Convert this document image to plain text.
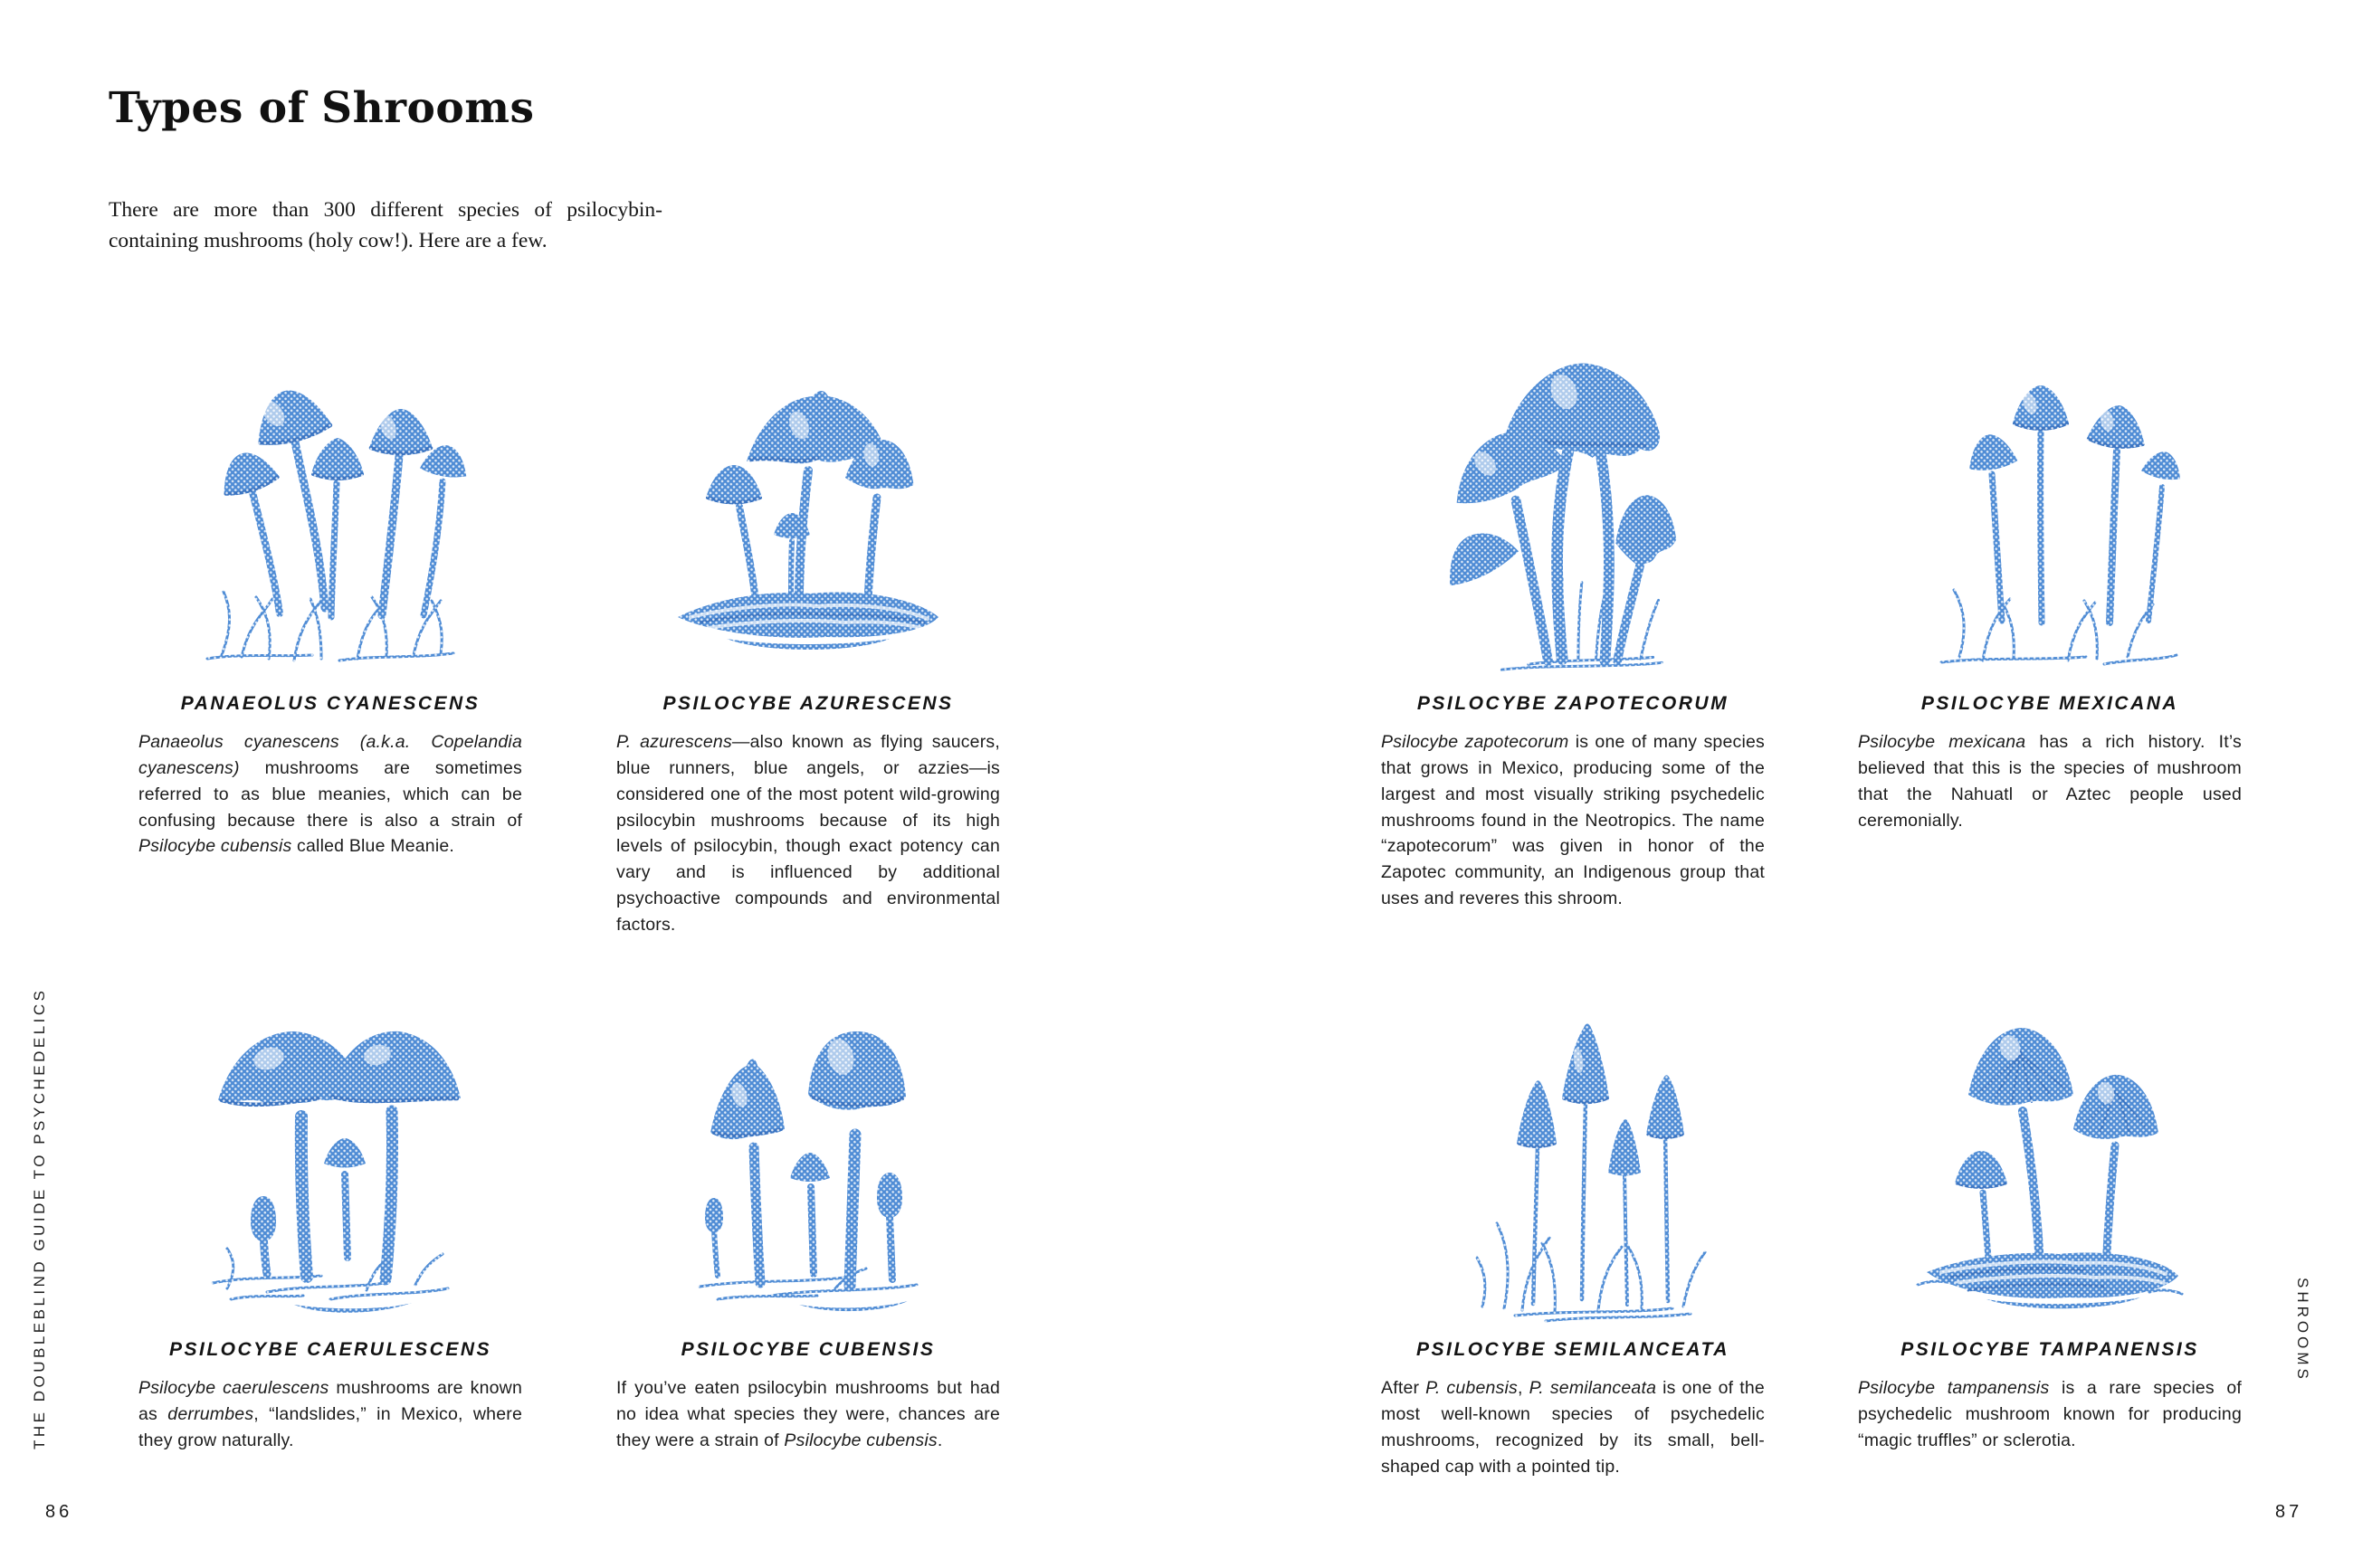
Types of Shrooms
There are more than 300 different species of psilocybin-containing mushrooms (holy cow!). Here are a few.
THE DOUBLEBLIND GUIDE TO PSYCHEDELICS	SHROOMS
86	87
PANAEOLUS CYANESCENS
Panaeolus cyanescens (a.k.a. Copelandia cyanescens) mushrooms are sometimes referred to as blue meanies, which can be confusing because there is also a strain of Psilocybe cubensis called Blue Meanie.
PSILOCYBE AZURESCENS
P. azurescens—also known as flying saucers, blue runners, blue angels, or azzies—is considered one of the most potent wild-growing psilocybin mushrooms because of its high levels of psilocybin, though exact potency can vary and is influenced by additional psychoactive compounds and environmental factors.
PSILOCYBE ZAPOTECORUM
Psilocybe zapotecorum is one of many species that grows in Mexico, producing some of the largest and most visually striking psychedelic mushrooms found in the Neotropics. The name “zapotecorum” was given in honor of the Zapotec community, an Indigenous group that uses and reveres this shroom.
PSILOCYBE MEXICANA
Psilocybe mexicana has a rich history. It’s believed that this is the species of mushroom that the Nahuatl or Aztec people used ceremonially.
PSILOCYBE CAERULESCENS
Psilocybe caerulescens mushrooms are known as derrumbes, “landslides,” in Mexico, where they grow naturally.
PSILOCYBE CUBENSIS
If you’ve eaten psilocybin mushrooms but had no idea what species they were, chances are they were a strain of Psilocybe cubensis.
PSILOCYBE SEMILANCEATA
After P. cubensis, P. semilanceata is one of the most well-known species of psychedelic mushrooms, recognized by its small, bell-shaped cap with a pointed tip.
PSILOCYBE TAMPANENSIS
Psilocybe tampanensis is a rare species of psychedelic mushroom known for producing “magic truffles” or sclerotia.
